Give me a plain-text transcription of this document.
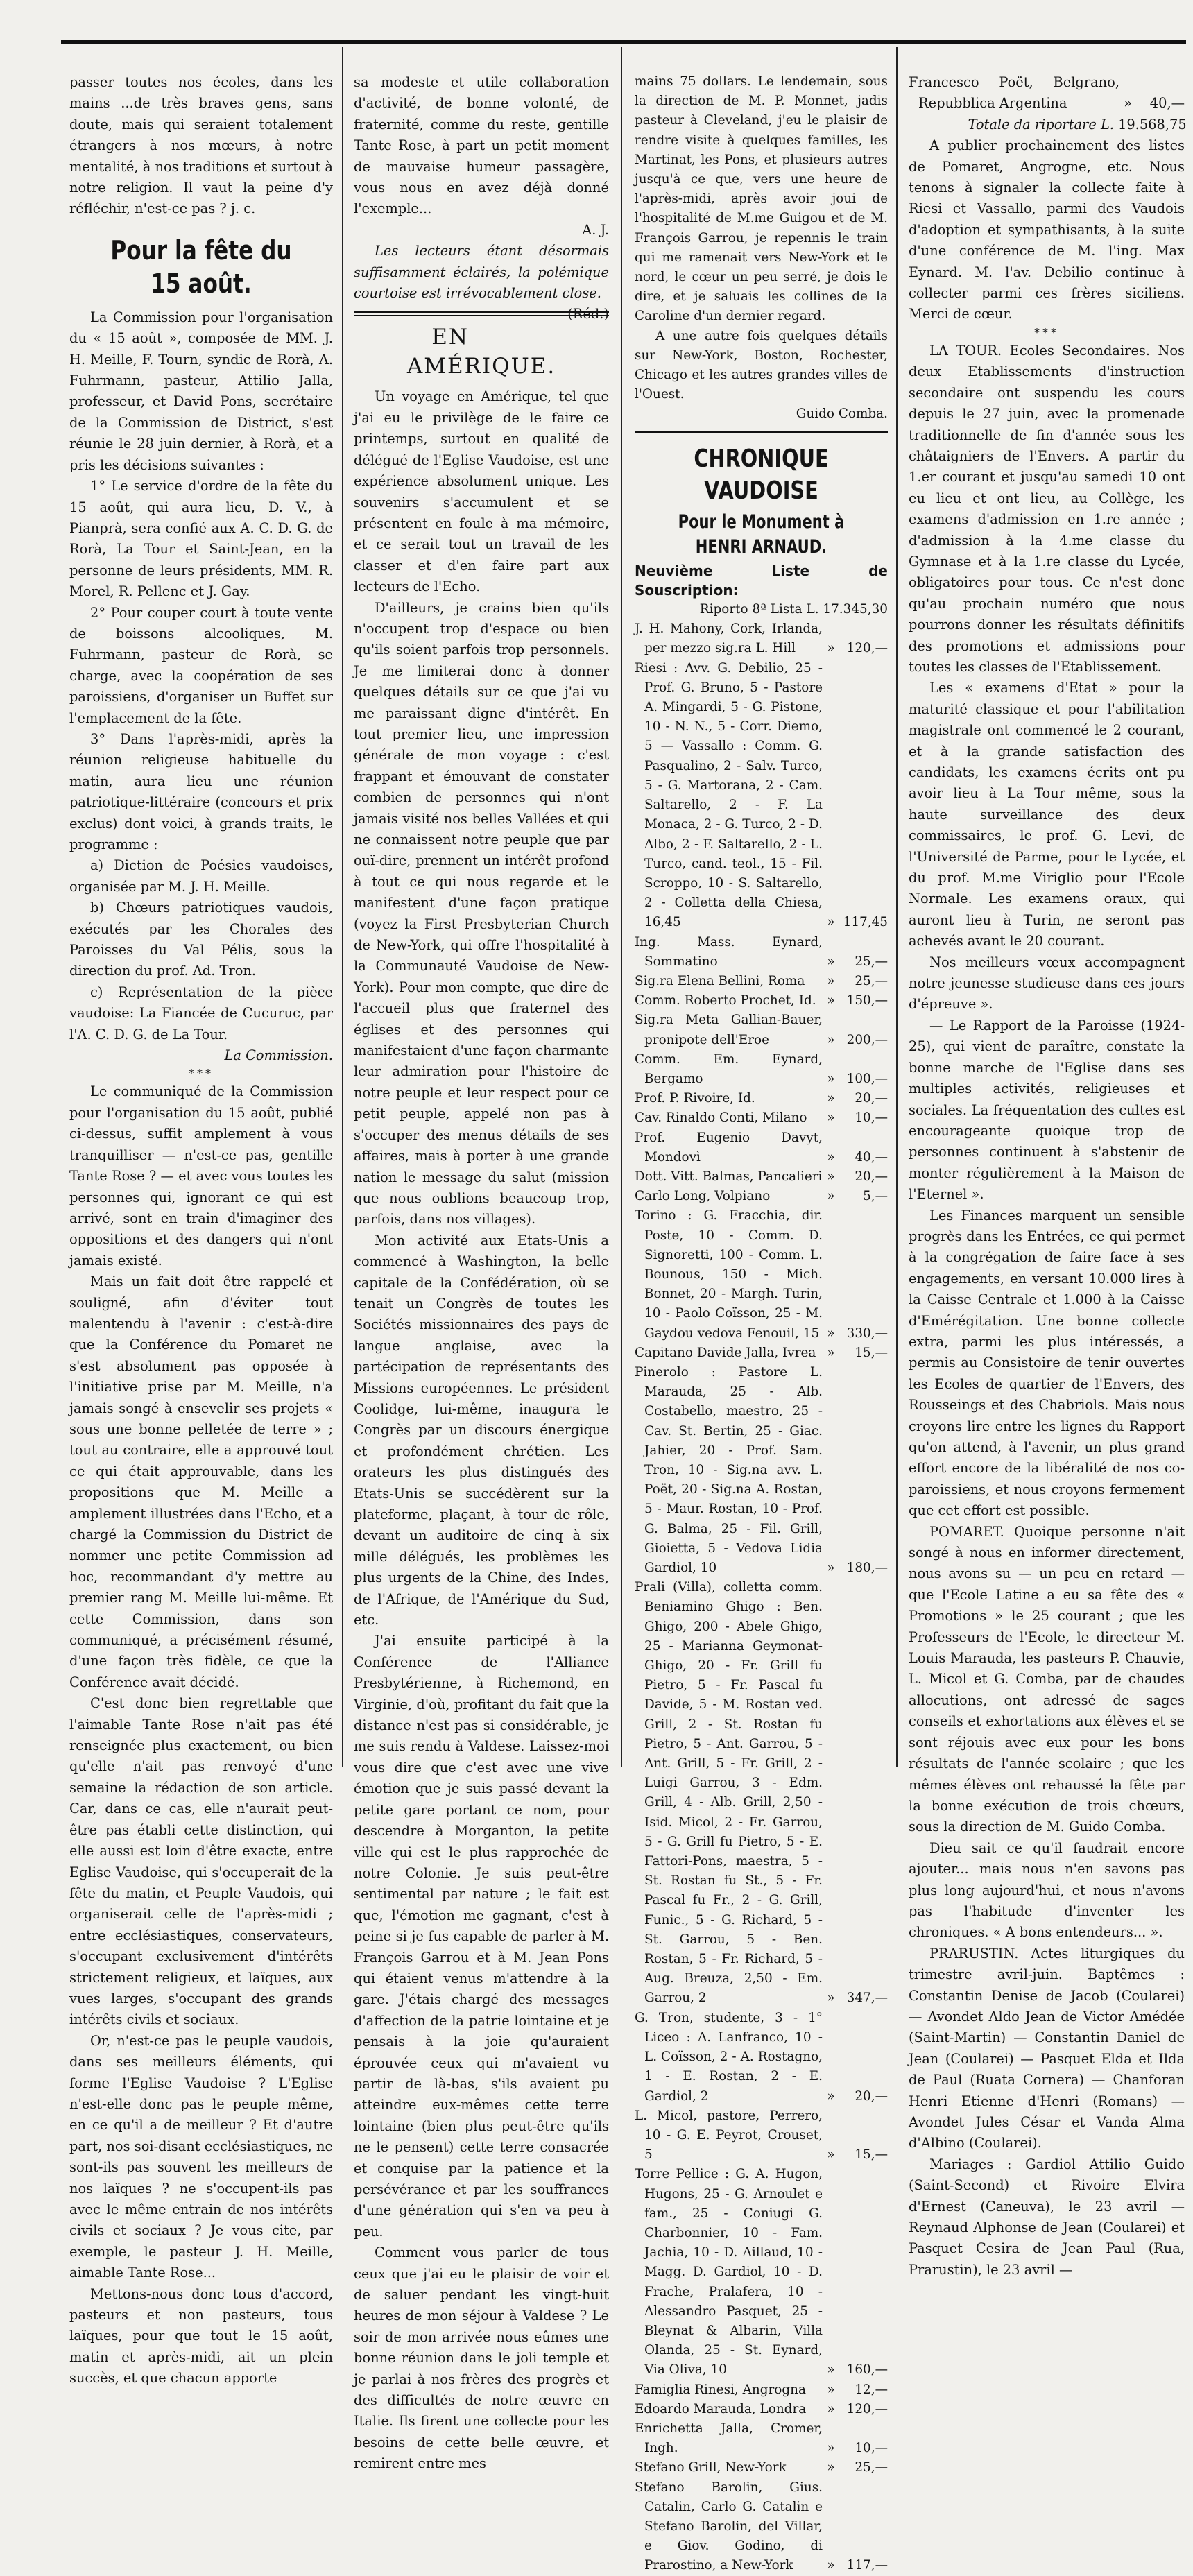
passer toutes nos écoles, dans les mains ...de très braves gens, sans doute, mais qui seraient totalement étrangers à nos mœurs, à notre mentalité, à nos traditions et surtout à notre religion. Il vaut la peine d'y réfléchir, n'est-ce pas ? j. c.

Pour la fête du 15 août.

La Commission pour l'organisation du « 15 août », composée de MM. J. H. Meille, F. Tourn, syndic de Rorà, A. Fuhrmann, pasteur, Attilio Jalla, professeur, et David Pons, secrétaire de la Commission de District, s'est réunie le 28 juin dernier, à Rorà, et a pris les décisions suivantes :

1° Le service d'ordre de la fête du 15 août, qui aura lieu, D. V., à Pianprà, sera confié aux A. C. D. G. de Rorà, La Tour et Saint-Jean, en la personne de leurs présidents, MM. R. Morel, R. Pellenc et J. Gay.

2° Pour couper court à toute vente de boissons alcooliques, M. Fuhrmann, pasteur de Rorà, se charge, avec la coopération de ses paroissiens, d'organiser un Buffet sur l'emplacement de la fête.

3° Dans l'après-midi, après la réunion religieuse habituelle du matin, aura lieu une réunion patriotique-littéraire (concours et prix exclus) dont voici, à grands traits, le programme :

a) Diction de Poésies vaudoises, organisée par M. J. H. Meille.

b) Chœurs patriotiques vaudois, exécutés par les Chorales des Paroisses du Val Pélis, sous la direction du prof. Ad. Tron.

c) Représentation de la pièce vaudoise: La Fiancée de Cucuruc, par l'A. C. D. G. de La Tour.

La Commission.

***

Le communiqué de la Commission pour l'organisation du 15 août, publié ci-dessus, suffit amplement à vous tranquilliser — n'est-ce pas, gentille Tante Rose ? — et avec vous toutes les personnes qui, ignorant ce qui est arrivé, sont en train d'imaginer des oppositions et des dangers qui n'ont jamais existé.

Mais un fait doit être rappelé et souligné, afin d'éviter tout malentendu à l'avenir : c'est-à-dire que la Conférence du Pomaret ne s'est absolument pas opposée à l'initiative prise par M. Meille, n'a jamais songé à ensevelir ses projets « sous une bonne pelletée de terre » ; tout au contraire, elle a approuvé tout ce qui était approuvable, dans les propositions que M. Meille a amplement illustrées dans l'Echo, et a chargé la Commission du District de nommer une petite Commission ad hoc, recommandant d'y mettre au premier rang M. Meille lui-même. Et cette Commission, dans son communiqué, a précisément résumé, d'une façon très fidèle, ce que la Conférence avait décidé.

C'est donc bien regrettable que l'aimable Tante Rose n'ait pas été renseignée plus exactement, ou bien qu'elle n'ait pas renvoyé d'une semaine la rédaction de son article. Car, dans ce cas, elle n'aurait peut-être pas établi cette distinction, qui elle aussi est loin d'être exacte, entre Eglise Vaudoise, qui s'occuperait de la fête du matin, et Peuple Vaudois, qui organiserait celle de l'après-midi ; entre ecclésiastiques, conservateurs, s'occupant exclusivement d'intérêts strictement religieux, et laïques, aux vues larges, s'occupant des grands intérêts civils et sociaux.

Or, n'est-ce pas le peuple vaudois, dans ses meilleurs éléments, qui forme l'Eglise Vaudoise ? L'Eglise n'est-elle donc pas le peuple même, en ce qu'il a de meilleur ? Et d'autre part, nos soi-disant ecclésiastiques, ne sont-ils pas souvent les meilleurs de nos laïques ? ne s'occupent-ils pas avec le même entrain de nos intérêts civils et sociaux ? Je vous cite, par exemple, le pasteur J. H. Meille, aimable Tante Rose...

Mettons-nous donc tous d'accord, pasteurs et non pasteurs, tous laïques, pour que tout le 15 août, matin et après-midi, ait un plein succès, et que chacun apporte

sa modeste et utile collaboration d'activité, de bonne volonté, de fraternité, comme du reste, gentille Tante Rose, à part un petit moment de mauvaise humeur passagère, vous nous en avez déjà donné l'exemple...

A. J.

Les lecteurs étant désormais suffisamment éclairés, la polémique courtoise est irrévocablement close.
(Réd.)

EN AMÉRIQUE.

Un voyage en Amérique, tel que j'ai eu le privilège de le faire ce printemps, surtout en qualité de délégué de l'Eglise Vaudoise, est une expérience absolument unique. Les souvenirs s'accumulent et se présentent en foule à ma mémoire, et ce serait tout un travail de les classer et d'en faire part aux lecteurs de l'Echo.

D'ailleurs, je crains bien qu'ils n'occupent trop d'espace ou bien qu'ils soient parfois trop personnels. Je me limiterai donc à donner quelques détails sur ce que j'ai vu me paraissant digne d'intérêt. En tout premier lieu, une impression générale de mon voyage : c'est frappant et émouvant de constater combien de personnes qui n'ont jamais visité nos belles Vallées et qui ne connaissent notre peuple que par ouï-dire, prennent un intérêt profond à tout ce qui nous regarde et le manifestent d'une façon pratique (voyez la First Presbyterian Church de New-York, qui offre l'hospitalité à la Communauté Vaudoise de New-York). Pour mon compte, que dire de l'accueil plus que fraternel des églises et des personnes qui manifestaient d'une façon charmante leur admiration pour l'histoire de notre peuple et leur respect pour ce petit peuple, appelé non pas à s'occuper des menus détails de ses affaires, mais à porter à une grande nation le message du salut (mission que nous oublions beaucoup trop, parfois, dans nos villages).

Mon activité aux Etats-Unis a commencé à Washington, la belle capitale de la Confédération, où se tenait un Congrès de toutes les Sociétés missionnaires des pays de langue anglaise, avec la partécipation de représentants des Missions européennes. Le président Coolidge, lui-même, inaugura le Congrès par un discours énergique et profondément chrétien. Les orateurs les plus distingués des Etats-Unis se succédèrent sur la plateforme, plaçant, à tour de rôle, devant un auditoire de cinq à six mille délégués, les problèmes les plus urgents de la Chine, des Indes, de l'Afrique, de l'Amérique du Sud, etc.

J'ai ensuite participé à la Conférence de l'Alliance Presbytérienne, à Richemond, en Virginie, d'où, profitant du fait que la distance n'est pas si considérable, je me suis rendu à Valdese. Laissez-moi vous dire que c'est avec une vive émotion que je suis passé devant la petite gare portant ce nom, pour descendre à Morganton, la petite ville qui est le plus rapprochée de notre Colonie. Je suis peut-être sentimental par nature ; le fait est que, l'émotion me gagnant, c'est à peine si je fus capable de parler à M. François Garrou et à M. Jean Pons qui étaient venus m'attendre à la gare. J'étais chargé des messages d'affection de la patrie lointaine et je pensais à la joie qu'auraient éprouvée ceux qui m'avaient vu partir de là-bas, s'ils avaient pu atteindre eux-mêmes cette terre lointaine (bien plus peut-être qu'ils ne le pensent) cette terre consacrée et conquise par la patience et la persévérance et par les souffrances d'une génération qui s'en va peu à peu.

Comment vous parler de tous ceux que j'ai eu le plaisir de voir et de saluer pendant les vingt-huit heures de mon séjour à Valdese ? Le soir de mon arrivée nous eûmes une bonne réunion dans le joli temple et je parlai à nos frères des progrès et des difficultés de notre œuvre en Italie. Ils firent une collecte pour les besoins de cette belle œuvre, et remirent entre mes

mains 75 dollars. Le lendemain, sous la direction de M. P. Monnet, jadis pasteur à Cleveland, j'eu le plaisir de rendre visite à quelques familles, les Martinat, les Pons, et plusieurs autres jusqu'à ce que, vers une heure de l'après-midi, après avoir joui de l'hospitalité de M.me Guigou et de M. François Garrou, je repennis le train qui me ramenait vers New-York et le nord, le cœur un peu serré, je dois le dire, et je saluais les collines de la Caroline d'un dernier regard.

A une autre fois quelques détails sur New-York, Boston, Rochester, Chicago et les autres grandes villes de l'Ouest.

Guido Comba.

CHRONIQUE VAUDOISE
Pour le Monument à HENRI ARNAUD.

Neuvième Liste de Souscription:

Riporto 8ª Lista L. 17.345,30

J. H. Mahony, Cork, Irlanda, per mezzo sig.ra L. Hill	» 120,—
Riesi : Avv. G. Debilio, 25 - Prof. G. Bruno, 5 - Pastore A. Mingardi, 5 - G. Pistone, 10 - N. N., 5 - Corr. Diemo, 5 — Vassallo : Comm. G. Pasqualino, 2 - Salv. Turco, 5 - G. Martorana, 2 - Cam. Saltarello, 2 - F. La Monaca, 2 - G. Turco, 2 - D. Albo, 2 - F. Saltarello, 2 - L. Turco, cand. teol., 15 - Fil. Scroppo, 10 - S. Saltarello, 2 - Colletta della Chiesa, 16,45	» 117,45
Ing. Mass. Eynard, Sommatino	»	25,—
Sig.ra Elena Bellini, Roma	»	25,—
Comm. Roberto Prochet, Id. » 150,—
Sig.ra Meta Gallian-Bauer, pronipote dell'Eroe	» 200,—
Comm. Em. Eynard, Bergamo	» 100,—
Prof. P. Rivoire, Id.	»	20,—
Cav. Rinaldo Conti, Milano	»	10,—
Prof. Eugenio Davyt, Mondovì	»	40,—
Dott. Vitt. Balmas, Pancalieri »	20,—
Carlo Long, Volpiano	»	5,—
Torino : G. Fracchia, dir. Poste, 10 - Comm. D. Signoretti, 100 - Comm. L. Bounous, 150 - Mich. Bonnet, 20 - Margh. Turin, 10 - Paolo Coïsson, 25 - M. Gaydou vedova Fenouil, 15 » 330,—
Capitano Davide Jalla, Ivrea »	15,—
Pinerolo : Pastore L. Marauda, 25 - Alb. Costabello, maestro, 25 - Cav. St. Bertin, 25 - Giac. Jahier, 20 - Prof. Sam. Tron, 10 - Sig.na avv. L. Poët, 20 - Sig.na A. Rostan, 5 - Maur. Rostan, 10 - Prof. G. Balma, 25 - Fil. Grill, Gioietta, 5 - Vedova Lidia Gardiol, 10	» 180,—
Prali (Villa), colletta comm. Beniamino Ghigo : Ben. Ghigo, 200 - Abele Ghigo, 25 - Marianna Geymonat-Ghigo, 20 - Fr. Grill fu Pietro, 5 - Fr. Pascal fu Davide, 5 - M. Rostan ved. Grill, 2 - St. Rostan fu Pietro, 5 - Ant. Garrou, 5 - Ant. Grill, 5 - Fr. Grill, 2 - Luigi Garrou, 3 - Edm. Grill, 4 - Alb. Grill, 2,50 - Isid. Micol, 2 - Fr. Garrou, 5 - G. Grill fu Pietro, 5 - E. Fattori-Pons, maestra, 5 - St. Rostan fu St., 5 - Fr. Pascal fu Fr., 2 - G. Grill, Funic., 5 - G. Richard, 5 - St. Garrou, 5 - Ben. Rostan, 5 - Fr. Richard, 5 - Aug. Breuza, 2,50 - Em. Garrou, 2	» 347,—
G. Tron, studente, 3 - 1° Liceo : A. Lanfranco, 10 - L. Coïsson, 2 - A. Rostagno, 1 - E. Rostan, 2 - E. Gardiol, 2	»	20,—
L. Micol, pastore, Perrero, 10 - G. E. Peyrot, Crouset, 5	»	15,—
Torre Pellice : G. A. Hugon, Hugons, 25 - G. Arnoulet e fam., 25 - Coniugi G. Charbonnier, 10 - Fam. Jachia, 10 - D. Aillaud, 10 - Magg. D. Gardiol, 10 - D. Frache, Pralafera, 10 - Alessandro Pasquet, 25 - Bleynat & Albarin, Villa Olanda, 25 - St. Eynard, Via Oliva, 10	» 160,—
Famiglia Rinesi, Angrogna	»	12,—
Edoardo Marauda, Londra	» 120,—
Enrichetta Jalla, Cromer, Ingh.	»	10,—
Stefano Grill, New-York	»	25,—
Stefano Barolin, Gius. Catalin, Carlo G. Catalin e Stefano Barolin, del Villar, e Giov. Godino, di Prarostino, a New-York	» 117,—
Francesco Poët, Belgrano, Repubblica Argentina	»	40,—
Totale da riportare L. 19.568,75

A publier prochainement des listes de Pomaret, Angrogne, etc. Nous tenons à signaler la collecte faite à Riesi et Vassallo, parmi des Vaudois d'adoption et sympathisants, à la suite d'une conférence de M. l'ing. Max Eynard. M. l'av. Debilio continue à collecter parmi ces frères siciliens. Merci de cœur.

***

LA TOUR. Ecoles Secondaires. Nos deux Etablissements d'instruction secondaire ont suspendu les cours depuis le 27 juin, avec la promenade traditionnelle de fin d'année sous les châtaigniers de l'Envers. A partir du 1.er courant et jusqu'au samedi 10 ont eu lieu et ont lieu, au Collège, les examens d'admission en 1.re année ; d'admission à la 4.me classe du Gymnase et à la 1.re classe du Lycée, obligatoires pour tous. Ce n'est donc qu'au prochain numéro que nous pourrons donner les résultats définitifs des promotions et admissions pour toutes les classes de l'Etablissement.

Les « examens d'Etat » pour la maturité classique et pour l'abilitation magistrale ont commencé le 2 courant, et à la grande satisfaction des candidats, les examens écrits ont pu avoir lieu à La Tour même, sous la haute surveillance des deux commissaires, le prof. G. Levi, de l'Université de Parme, pour le Lycée, et du prof. M.me Viriglio pour l'Ecole Normale. Les examens oraux, qui auront lieu à Turin, ne seront pas achevés avant le 20 courant.

Nos meilleurs vœux accompagnent notre jeunesse studieuse dans ces jours d'épreuve ».

— Le Rapport de la Paroisse (1924-25), qui vient de paraître, constate la bonne marche de l'Eglise dans ses multiples activités, religieuses et sociales. La fréquentation des cultes est encourageante quoique trop de personnes continuent à s'abstenir de monter régulièrement à la Maison de l'Eternel ».

Les Finances marquent un sensible progrès dans les Entrées, ce qui permet à la congrégation de faire face à ses engagements, en versant 10.000 lires à la Caisse Centrale et 1.000 à la Caisse d'Emérégitation. Une bonne collecte extra, parmi les plus intéressés, a permis au Consistoire de tenir ouvertes les Ecoles de quartier de l'Envers, des Rousseings et des Chabriols. Mais nous croyons lire entre les lignes du Rapport qu'on attend, à l'avenir, un plus grand effort encore de la libéralité de nos co-paroissiens, et nous croyons fermement que cet effort est possible.

POMARET. Quoique personne n'ait songé à nous en informer directement, nous avons su — un peu en retard — que l'Ecole Latine a eu sa fête des « Promotions » le 25 courant ; que les Professeurs de l'Ecole, le directeur M. Louis Marauda, les pasteurs P. Chauvie, L. Micol et G. Comba, par de chaudes allocutions, ont adressé de sages conseils et exhortations aux élèves et se sont réjouis avec eux pour les bons résultats de l'année scolaire ; que les mêmes élèves ont rehaussé la fête par la bonne exécution de trois chœurs, sous la direction de M. Guido Comba.

Dieu sait ce qu'il faudrait encore ajouter... mais nous n'en savons pas plus long aujourd'hui, et nous n'avons pas l'habitude d'inventer les chroniques. « A bons entendeurs... ».

PRARUSTIN. Actes liturgiques du trimestre avril-juin. Baptêmes : Constantin Denise de Jacob (Coularei) — Avondet Aldo Jean de Victor Amédée (Saint-Martin) — Constantin Daniel de Jean (Coularei) — Pasquet Elda et Ilda de Paul (Ruata Cornera) — Chanforan Henri Etienne d'Henri (Romans) — Avondet Jules César et Vanda Alma d'Albino (Coularei).

Mariages : Gardiol Attilio Guido (Saint-Second) et Rivoire Elvira d'Ernest (Caneuva), le 23 avril — Reynaud Alphonse de Jean (Coularei) et Pasquet Cesira de Jean Paul (Rua, Prarustin), le 23 avril —
